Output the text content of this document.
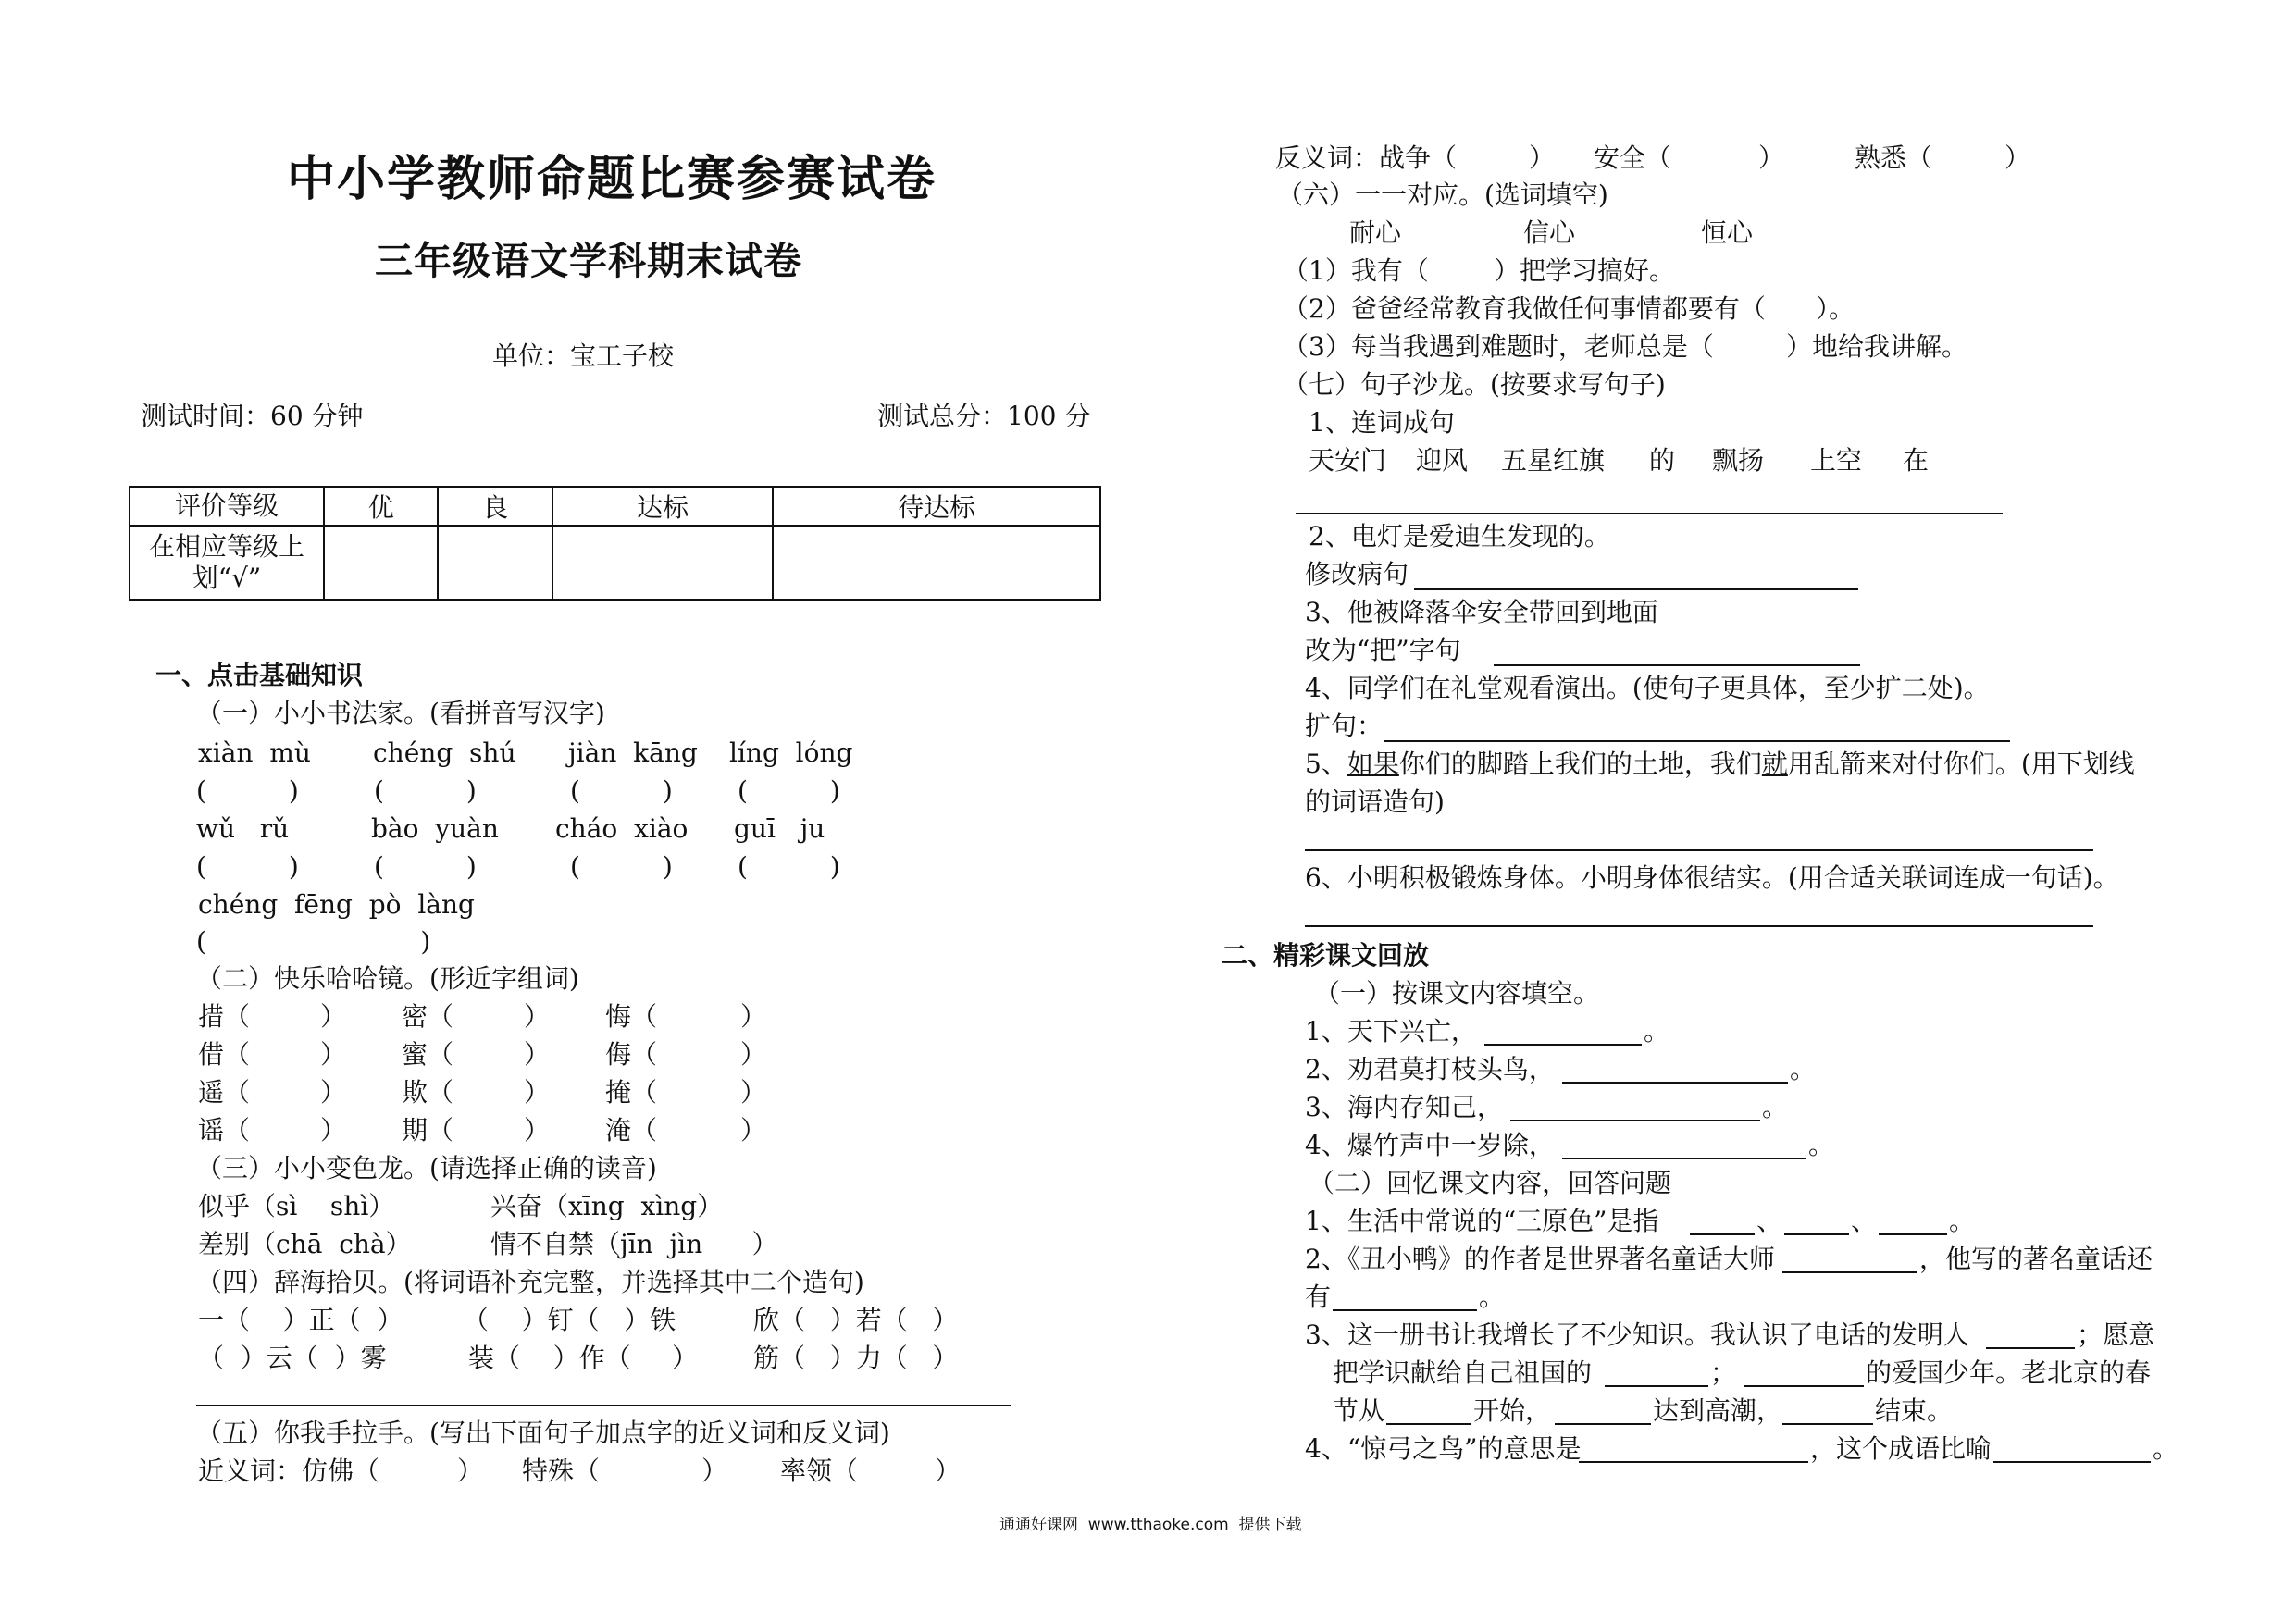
中小学教师命题比赛参赛试卷
三年级语文学科期末试卷
单位：宝工子校
测试时间：60 分钟	测试总分：100 分
评价等级	优	良	达标	待达标
在相应等级上
划“√”				
一、点击基础知识
（一）小小书法家。(看拼音写汉字)
xiàn  mù chéng  shú jiàn  kāng líng  lóng
(          )	(          )	(          )	(          )
wǔ   rǔ	bào  yuàn cháo  xiào guī   ju
(          )	(          )	(          )	(          )
chéng  fēng  pò  làng
(                          )
（二）快乐哈哈镜。(形近字组词)
措（	） 密（	） 悔（	）
借（	） 蜜（	） 侮（	）
遥（	） 欺（	） 掩（	）
谣（	） 期（	） 淹（	）
（三）小小变色龙。(请选择正确的读音)
似乎（sì    shì）	兴奋（xīng  xìng）
差别（chā  chà）	情不自禁（jīn  jìn      ）
（四）辞海拾贝。(将词语补充完整，并选择其中二个造句)
一（    ）正（  ） （    ）钉（   ）铁	欣（   ）若（   ）
（  ）云（  ）雾	装（    ）作（     ） 筋（   ）力（   ）
（五）你我手拉手。(写出下面句子加点字的近义词和反义词)
近义词：仿佛（	） 特殊（	） 率领（	）
反义词：战争（	） 安全（	）	熟悉（	）
（六）一一对应。(选词填空)
耐心	信心	恒心
（1）我有（	）把学习搞好。
（2）爸爸经常教育我做任何事情都要有（ ）。
（3）每当我遇到难题时，老师总是（	）地给我讲解。
（七）句子沙龙。(按要求写句子)
1、连词成句
天安门 迎风 五星红旗 的 飘扬 上空 在
2、电灯是爱迪生发现的。
修改病句
3、他被降落伞安全带回到地面
改为“把”字句
4、同学们在礼堂观看演出。(使句子更具体，至少扩二处)。
扩句：
5、如果你们的脚踏上我们的土地，我们就用乱箭来对付你们。(用下划线
的词语造句)
6、小明积极锻炼身体。小明身体很结实。(用合适关联词连成一句话)。
二、精彩课文回放
（一）按课文内容填空。
1、天下兴亡，	。
2、劝君莫打枝头鸟，	。
3、海内存知己，	。
4、爆竹声中一岁除，	。
（二）回忆课文内容，回答问题
1、生活中常说的“三原色”是指	、	、	。
2、《丑小鸭》的作者是世界著名童话大师	，他写的著名童话还
有	。
3、这一册书让我增长了不少知识。我认识了电话的发明人	；愿意
把学识献给自己祖国的	；	的爱国少年。老北京的春
节从	开始，	达到高潮，	结束。
4、“惊弓之鸟”的意思是	，这个成语比喻	。
通通好课网  www.tthaoke.com  提供下载
